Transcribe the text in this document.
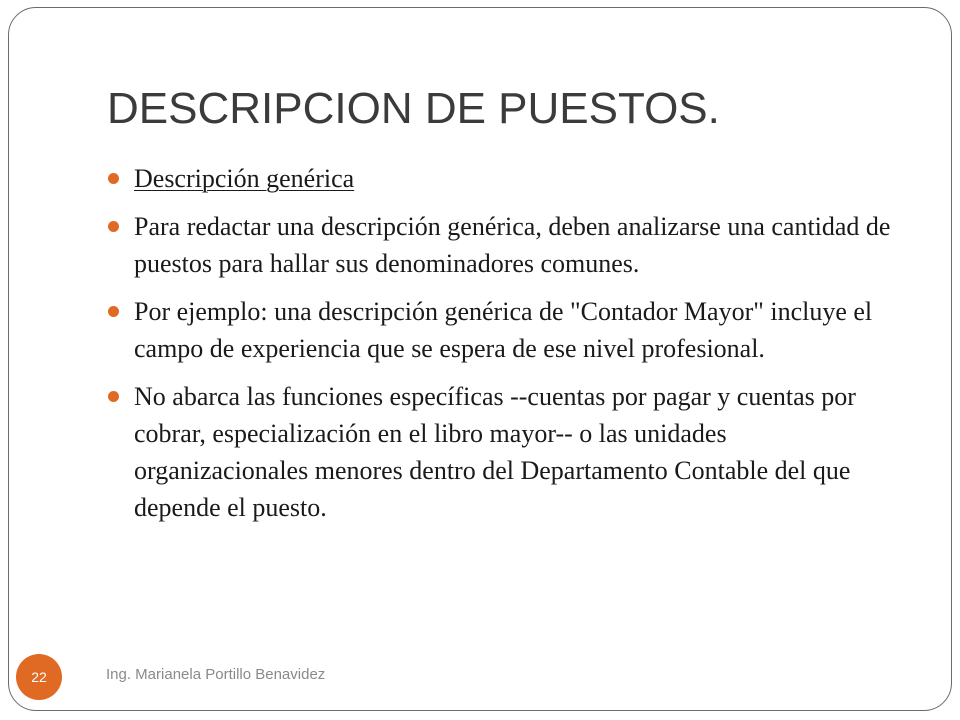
DESCRIPCION DE PUESTOS.
Descripción genérica
Para redactar una descripción genérica, deben analizarse una cantidad de puestos para hallar sus denominadores comunes.
Por ejemplo: una descripción genérica de "Contador Mayor" incluye el campo de experiencia que se espera de ese nivel profesional.
No abarca las funciones específicas --cuentas por pagar y cuentas por cobrar, especialización en el libro mayor-- o las unidades organizacionales menores dentro del Departamento Contable del que depende el puesto.
22	Ing. Marianela Portillo Benavidez
